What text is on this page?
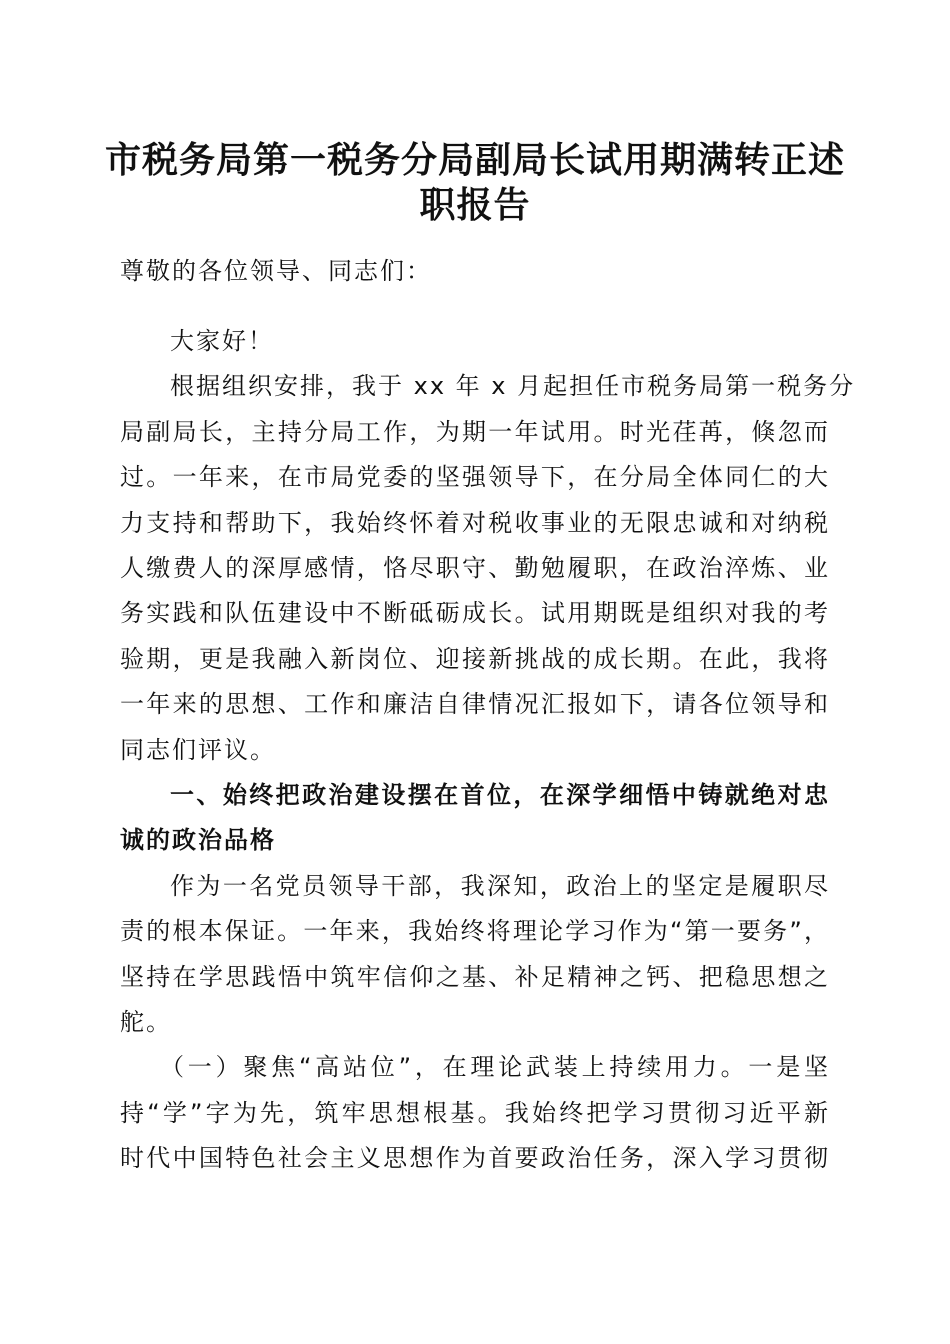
市税务局第一税务分局副局长试用期满转正述
职报告

尊敬的各位领导、同志们：

大家好！

根据组织安排，我于 xx 年 x 月起担任市税务局第一税务分

局副局长，主持分局工作，为期一年试用。时光荏苒，倏忽而

过。一年来，在市局党委的坚强领导下，在分局全体同仁的大

力支持和帮助下，我始终怀着对税收事业的无限忠诚和对纳税

人缴费人的深厚感情，恪尽职守、勤勉履职，在政治淬炼、业

务实践和队伍建设中不断砥砺成长。试用期既是组织对我的考

验期，更是我融入新岗位、迎接新挑战的成长期。在此，我将

一年来的思想、工作和廉洁自律情况汇报如下，请各位领导和

同志们评议。

一、始终把政治建设摆在首位，在深学细悟中铸就绝对忠

诚的政治品格

作为一名党员领导干部，我深知，政治上的坚定是履职尽

责的根本保证。一年来，我始终将理论学习作为“第一要务”，

坚持在学思践悟中筑牢信仰之基、补足精神之钙、把稳思想之

舵。

（一）聚焦“高站位”，在理论武装上持续用力。一是坚

持“学”字为先，筑牢思想根基。我始终把学习贯彻习近平新

时代中国特色社会主义思想作为首要政治任务，深入学习贯彻
